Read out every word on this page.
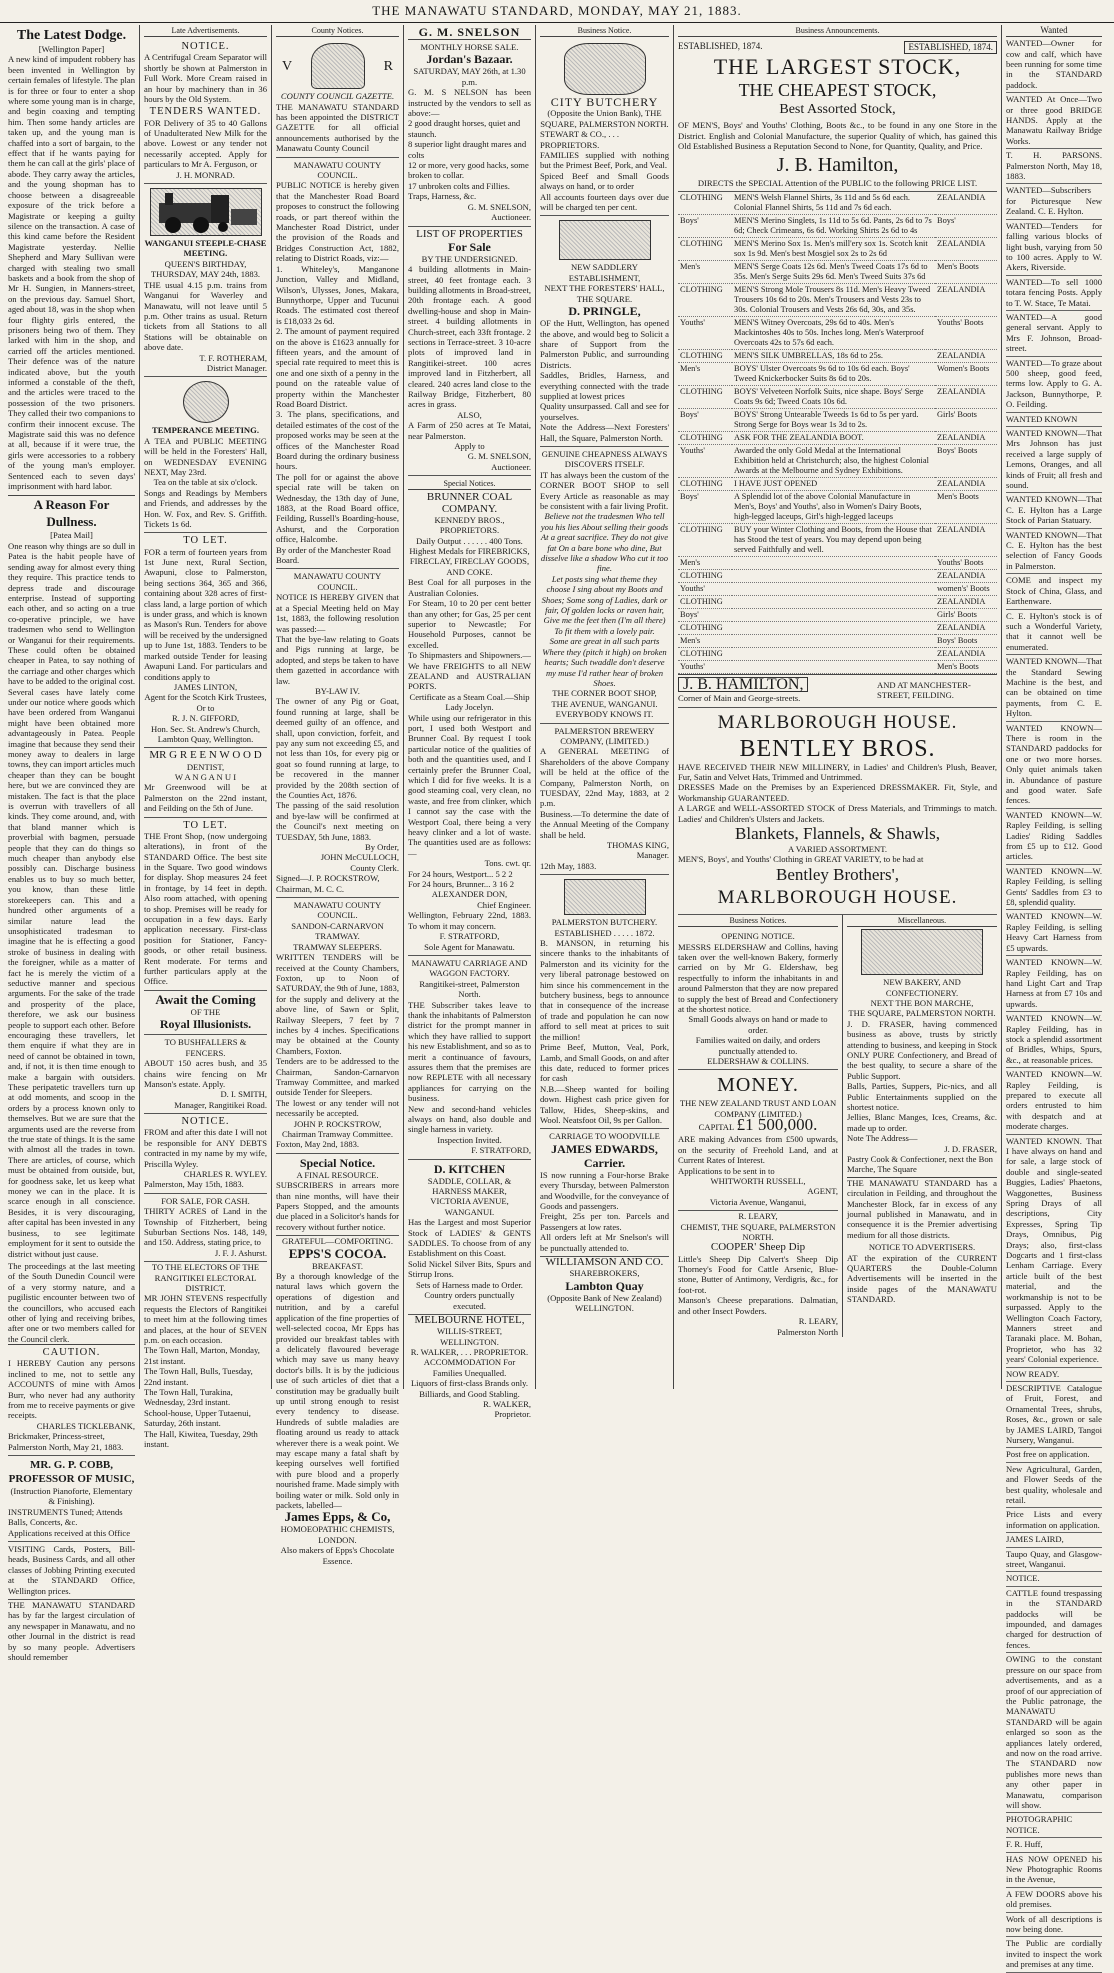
THE MANAWATU STANDARD, MONDAY, MAY 21, 1883.
The Latest Dodge.
[Wellington Paper]
A new kind of impudent robbery has been invented in Wellington by certain females of lifestyle. The plan is for three or four to enter a shop where some young man is in charge, and begin coaxing and tempting him. Then some handy articles are taken up, and the young man is chaffed into a sort of bargain, to the effect that if he wants paying for them he can call at the girls' place of abode. They carry away the articles, and the young shopman has to choose between a disagreeable exposure of the trick before a Magistrate or keeping a guilty silence on the transaction. A case of this kind came before the Resident Magistrate yesterday. Nellie Shepherd and Mary Sullivan were charged with stealing two small baskets and a book from the shop of Mr H. Sungien, in Manners-street, on the previous day. Samuel Short, aged about 18, was in the shop when four flighty girls entered, the prisoners being two of them. They larked with him in the shop, and carried off the articles mentioned. Their defence was of the nature indicated above, but the youth informed a constable of the theft, and the articles were traced to the possession of the two prisoners. They called their two companions to confirm their innocent excuse. The Magistrate said this was no defence at all, because if it were true, the girls were accessories to a robbery of the young man's employer. Sentenced each to seven days' imprisonment with hard labor.
A Reason For Dullness.
[Patea Mail]
One reason why things are so dull in Patea is the habit people have of sending away for almost every thing they require. This practice tends to depress trade and discourage enterprise. Instead of supporting each other, and so acting on a true co-operative principle, we have tradesmen who send to Wellington or Wanganui for their requirements. These could often be obtained cheaper in Patea, to say nothing of the carriage and other charges which have to be added to the original cost. Several cases have lately come under our notice where goods which have been ordered from Wanganui might have been obtained more advantageously in Patea. People imagine that because they send their money away to dealers in large towns, they can import articles much cheaper than they can be bought here, but we are convinced they are mistaken. The fact is that the place is overrun with travellers of all kinds. They come around, and, with that bland manner which is proverbial with bagmen, persuade people that they can do things so much cheaper than anybody else possibly can. Discharge business enables us to buy so much better, you know, than these little storekeepers can. This and a hundred other arguments of a similar nature lead the unsophisticated tradesman to imagine that he is effecting a good stroke of business in dealing with the foreigner, while as a matter of fact he is merely the victim of a seductive manner and specious arguments. For the sake of the trade and prosperity of the place, therefore, we ask our business people to support each other. Before encouraging these travellers, let them enquire if what they are in need of cannot be obtained in town, and, if not, it is then time enough to make a bargain with outsiders. These peripatetic travellers turn up at odd moments, and scoop in the orders by a process known only to themselves. But we are sure that the arguments used are the reverse from the true state of things. It is the same with almost all the trades in town. There are articles, of course, which must be obtained from outside, but, for goodness sake, let us keep what money we can in the place. It is scarce enough in all conscience. Besides, it is very discouraging, after capital has been invested in any business, to see legitimate employment for it sent to outside the district without just cause.
The proceedings at the last meeting of the South Dunedin Council were of a very stormy nature, and a pugilistic encounter between two of the councillors, who accused each other of lying and receiving bribes, after one or two members called for the Council clerk.
CAUTION.
I HEREBY Caution any persons inclined to me, not to settle any ACCOUNTS of mine with Amos Burr, who never had any authority from me to receive payments or give receipts.
CHARLES TICKLEBANK,
Brickmaker, Princess-street, Palmerston North, May 21, 1883.
MR. G. P. COBB,
PROFESSOR OF MUSIC,
(Instruction Pianoforte, Elementary & Finishing).
INSTRUMENTS Tuned; Attends Balls, Concerts, &c.
Applications received at this Office
VISITING Cards, Posters, Bill-heads, Business Cards, and all other classes of Jobbing Printing executed at the STANDARD Office, Wellington prices.
THE MANAWATU STANDARD has by far the largest circulation of any newspaper in Manawatu, and no other Journal in the district is read by so many people. Advertisers should remember
Late Advertisements.
NOTICE.
A Centrifugal Cream Separator will shortly be shown at Palmerston in Full Work. More Cream raised in an hour by machinery than in 36 hours by the Old System.
TENDERS WANTED.
FOR Delivery of 35 to 40 Gallons of Unadulterated New Milk for the above. Lowest or any tender not necessarily accepted. Apply for particulars to Mr A. Ferguson, or
J. H. MONRAD.
WANGANUI STEEPLE-CHASE MEETING.
QUEEN'S BIRTHDAY, THURSDAY, MAY 24th, 1883.
THE usual 4.15 p.m. trains from Wanganui for Waverley and Manawatu, will not leave until 5 p.m. Other trains as usual. Return tickets from all Stations to all Stations will be obtainable on above date.
T. F. ROTHERAM,
District Manager.
TEMPERANCE MEETING.
A TEA and PUBLIC MEETING will be held in the Foresters' Hall, on WEDNESDAY EVENING NEXT, May 23rd.
Tea on the table at six o'clock.
Songs and Readings by Members and Friends, and addresses by the Hon. W. Fox, and Rev. S. Griffith. Tickets 1s 6d.
TO LET.
FOR a term of fourteen years from 1st June next, Rural Section, Awapuni, close to Palmerston, being sections 364, 365 and 366, containing about 328 acres of first-class land, a large portion of which is under grass, and which is known as Mason's Run. Tenders for above will be received by the undersigned up to June 1st, 1883. Tenders to be marked outside Tender for leasing Awapuni Land. For particulars and conditions apply to
JAMES LINTON,
Agent for the Scotch Kirk Trustees,
Or to
R. J. N. GIFFORD,
Hon. Sec. St. Andrew's Church, Lambton Quay, Wellington.
MR G R E E N W O O D
DENTIST,
W A N G A N U I
Mr Greenwood will be at Palmerston on the 22nd instant, and Feilding on the 5th of June.
TO LET.
THE Front Shop, (now undergoing alterations), in front of the STANDARD Office. The best site in the Square. Two good windows for display. Shop measures 24 feet in frontage, by 14 feet in depth. Also room attached, with opening to shop. Premises will be ready for occupation in a few days. Early application necessary. First-class position for Stationer, Fancy-goods, or other retail business. Rent moderate. For terms and further particulars apply at the Office.
Await the Coming
OF THE
Royal Illusionists.
TO BUSHFALLERS & FENCERS.
ABOUT 150 acres bush, and 35 chains wire fencing on Mr Manson's estate. Apply.
D. I. SMITH,
Manager, Rangitikei Road.
NOTICE.
FROM and after this date I will not be responsible for ANY DEBTS contracted in my name by my wife, Priscilla Wyley.
CHARLES R. WYLEY.
Palmerston, May 15th, 1883.
FOR SALE, FOR CASH.
THIRTY ACRES of Land in the Township of Fitzherbert, being Suburban Sections Nos. 148, 149, and 150. Address, stating price, to
J. F. J. Ashurst.
TO THE ELECTORS OF THE RANGITIKEI ELECTORAL DISTRICT.
MR JOHN STEVENS respectfully requests the Electors of Rangitikei to meet him at the following times and places, at the hour of SEVEN p.m. on each occasion.
The Town Hall, Marton, Monday, 21st instant.
The Town Hall, Bulls, Tuesday, 22nd instant.
The Town Hall, Turakina, Wednesday, 23rd instant.
School-house, Upper Tutaenui, Saturday, 26th instant.
The Hall, Kiwitea, Tuesday, 29th instant.
County Notices.
V	R
COUNTY COUNCIL GAZETTE.
THE MANAWATU STANDARD has been appointed the DISTRICT GAZETTE for all official announcements authorised by the Manawatu County Council
MANAWATU COUNTY COUNCIL.
PUBLIC NOTICE is hereby given that the Manchester Road Board proposes to construct the following roads, or part thereof within the Manchester Road District, under the provision of the Roads and Bridges Construction Act, 1882, relating to District Roads, viz:—
1. Whiteley's, Manganone Junction, Valley and Midland, Wilson's, Ulysses, Jones, Makara, Bunnythorpe, Upper and Tucunui Roads. The estimated cost thereof is £18,033 2s 6d.
2. The amount of payment required on the above is £1623 annually for fifteen years, and the amount of special rate required to meet this is one and one sixth of a penny in the pound on the rateable value of property within the Manchester Road Board District.
3. The plans, specifications, and detailed estimates of the cost of the proposed works may be seen at the offices of the Manchester Road Board during the ordinary business hours.
The poll for or against the above special rate will be taken on Wednesday, the 13th day of June, 1883, at the Road Board office, Feilding, Russell's Boarding-house, Ashurst, and the Corporation office, Halcombe.
By order of the Manchester Road Board.
MANAWATU COUNTY COUNCIL.
NOTICE IS HEREBY GIVEN that at a Special Meeting held on May 1st, 1883, the following resolution was passed:—
That the bye-law relating to Goats and Pigs running at large, be adopted, and steps be taken to have them gazetted in accordance with law.
BY-LAW IV.
The owner of any Pig or Goat, found running at large, shall be deemed guilty of an offence, and shall, upon conviction, forfeit, and pay any sum not exceeding £5, and not less than 10s, for every pig or goat so found running at large, to be recovered in the manner provided by the 208th section of the Counties Act, 1876.
The passing of the said resolution and bye-law will be confirmed at the Council's next meeting on TUESDAY, 5th June, 1883.
By Order,
JOHN McCULLOCH,
County Clerk.
Signed—J. P. ROCKSTROW, Chairman, M. C. C.
MANAWATU COUNTY COUNCIL.
SANDON-CARNARVON TRAMWAY.
TRAMWAY SLEEPERS.
WRITTEN TENDERS will be received at the County Chambers, Foxton, up to Noon of SATURDAY, the 9th of June, 1883, for the supply and delivery at the above line, of Sawn or Split, Railway Sleepers, 7 feet by 7 inches by 4 inches. Specifications may be obtained at the County Chambers, Foxton.
Tenders are to be addressed to the Chairman, Sandon-Carnarvon Tramway Committee, and marked outside Tender for Sleepers.
The lowest or any tender will not necessarily be accepted.
JOHN P. ROCKSTROW,
Chairman Tramway Committee.
Foxton, May 2nd, 1883.
Special Notice.
A FINAL RESOURCE.
SUBSCRIBERS in arrears more than nine months, will have their Papers Stopped, and the amounts due placed in a Solicitor's hands for recovery without further notice.
GRATEFUL—COMFORTING.
EPPS'S COCOA.
BREAKFAST.
By a thorough knowledge of the natural laws which govern the operations of digestion and nutrition, and by a careful application of the fine properties of well-selected cocoa, Mr Epps has provided our breakfast tables with a delicately flavoured beverage which may save us many heavy doctor's bills. It is by the judicious use of such articles of diet that a constitution may be gradually built up until strong enough to resist every tendency to disease. Hundreds of subtle maladies are floating around us ready to attack wherever there is a weak point. We may escape many a fatal shaft by keeping ourselves well fortified with pure blood and a properly nourished frame. Made simply with boiling water or milk. Sold only in packets, labelled—
James Epps, & Co,
HOMOEOPATHIC CHEMISTS, LONDON.
Also makers of Epps's Chocolate Essence.
G. M. SNELSON
MONTHLY HORSE SALE.
Jordan's Bazaar.
SATURDAY, MAY 26th, at 1.30 p.m.
G. M. S NELSON has been instructed by the vendors to sell as above:—
2 good draught horses, quiet and staunch.
8 superior light draught mares and colts
12 or more, very good hacks, some broken to collar.
17 unbroken colts and Fillies.
Traps, Harness, &c.
G. M. SNELSON,
Auctioneer.
LIST OF PROPERTIES
For Sale
BY THE UNDERSIGNED.
4 building allotments in Main-street, 40 feet frontage each. 3 building allotments in Broad-street, 20th frontage each. A good dwelling-house and shop in Main-street. 4 building allotments in Church-street, each 33ft frontage. 2 sections in Terrace-street. 3 10-acre plots of improved land in Rangitikei-street. 100 acres improved land in Fitzherbert, all cleared. 240 acres land close to the Railway Bridge, Fitzherbert, 80 acres in grass.
ALSO,
A Farm of 250 acres at Te Matai, near Palmerston.
Apply to
G. M. SNELSON,
Auctioneer.
Special Notices.
BRUNNER COAL COMPANY.
KENNEDY BROS., PROPRIETORS.
Daily Output . . . . . . 400 Tons.
Highest Medals for FIREBRICKS, FIRECLAY, FIRECLAY GOODS, AND COKE.
Best Coal for all purposes in the Australian Colonies.
For Steam, 10 to 20 per cent better than any other; for Gas, 25 per cent superior to Newcastle; For Household Purposes, cannot be excelled.
To Shipmasters and Shipowners.—We have FREIGHTS to all NEW ZEALAND and AUSTRALIAN PORTS.
Certificate as a Steam Coal.—Ship Lady Jocelyn.
While using our refrigerator in this port, I used both Westport and Brunner Coal. By request I took particular notice of the qualities of both and the quantities used, and I certainly prefer the Brunner Coal, which I did for five weeks. It is a good steaming coal, very clean, no waste, and free from clinker, which I cannot say the case with the Westport Coal, there being a very heavy clinker and a lot of waste. The quantities used are as follows:—
Tons. cwt. qr.
For 24 hours, Westport... 5 2 2
For 24 hours, Brunner... 3 16 2
ALEXANDER DON,
Chief Engineer.
Wellington, February 22nd, 1883. To whom it may concern.
F. STRATFORD,
Sole Agent for Manawatu.
MANAWATU CARRIAGE AND WAGGON FACTORY.
Rangitikei-street, Palmerston North.
THE Subscriber takes leave to thank the inhabitants of Palmerston district for the prompt manner in which they have rallied to support his new Establishment, and so as to merit a continuance of favours, assures them that the premises are now REPLETE with all necessary appliances for carrying on the business.
New and second-hand vehicles always on hand, also double and single harness in variety.
Inspection Invited.
F. STRATFORD,
D. KITCHEN
SADDLE, COLLAR, & HARNESS MAKER,
VICTORIA AVENUE, WANGANUI.
Has the Largest and most Superior Stock of LADIES' & GENTS SADDLES. To choose from of any Establishment on this Coast.
Solid Nickel Silver Bits, Spurs and Stirrup Irons.
Sets of Harness made to Order.
Country orders punctually executed.
MELBOURNE HOTEL,
WILLIS-STREET, WELLINGTON.
R. WALKER, . . . PROPRIETOR.
ACCOMMODATION For Families Unequalled.
Liquors of first-class Brands only.
Billiards, and Good Stabling.
R. WALKER,
Proprietor.
Business Notice.
CITY BUTCHERY
(Opposite the Union Bank), THE SQUARE, PALMERSTON NORTH.
STEWART & CO., . . . PROPRIETORS.
FAMILIES supplied with nothing but the Primest Beef, Pork, and Veal.
Spiced Beef and Small Goods always on hand, or to order
All accounts fourteen days over due will be charged ten per cent.
NEW SADDLERY ESTABLISHMENT,
NEXT THE FORESTERS' HALL, THE SQUARE.
D. PRINGLE,
OF the Hutt, Wellington, has opened the above, and would beg to Solicit a share of Support from the Palmerston Public, and surrounding Districts.
Saddles, Bridles, Harness, and everything connected with the trade supplied at lowest prices
Quality unsurpassed. Call and see for yourselves.
Note the Address—Next Foresters' Hall, the Square, Palmerston North.
GENUINE CHEAPNESS ALWAYS DISCOVERS ITSELF.
IT has always been the custom of the CORNER BOOT SHOP to sell Every Article as reasonable as may be consistent with a fair living Profit.
Believe not the tradesmen Who tell you his lies About selling their goods At a great sacrifice. They do not give fat On a bare bone who dine, But disselve like a shadow Who cut it too fine.
Let posts sing what theme they choose I sing about my Boots and Shoes; Some song of Ladies, dark or fair, Of golden locks or raven hair, Give me the feet then (I'm all there) To fit them with a lovely pair.
Some are great in all such parts Where they (pitch it high) on broken hearts; Such twaddle don't deserve my muse I'd rather hear of broken Shoes.
THE CORNER BOOT SHOP,
THE AVENUE, WANGANUI.
EVERYBODY KNOWS IT.
PALMERSTON BREWERY COMPANY, (LIMITED.)
A GENERAL MEETING of Shareholders of the above Company will be held at the office of the Company, Palmerston North, on TUESDAY, 22nd May, 1883, at 2 p.m.
Business.—To determine the date of the Annual Meeting of the Company shall be held.
THOMAS KING,
Manager.
12th May, 1883.
PALMERSTON BUTCHERY.
ESTABLISHED . . . . . 1872.
B. MANSON, in returning his sincere thanks to the inhabitants of Palmerston and its vicinity for the very liberal patronage bestowed on him since his commencement in the butchery business, begs to announce that in consequence of the increase of trade and population he can now afford to sell meat at prices to suit the million!
Prime Beef, Mutton, Veal, Pork, Lamb, and Small Goods, on and after this date, reduced to former prices for cash
N.B.—Sheep wanted for boiling down. Highest cash price given for Tallow, Hides, Sheep-skins, and Wool. Neatsfoot Oil, 9s per Gallon.
CARRIAGE TO WOODVILLE
JAMES EDWARDS,
Carrier.
IS now running a Four-horse Brake every Thursday, between Palmerston and Woodville, for the conveyance of Goods and passengers.
Freight, 25s per ton. Parcels and Passengers at low rates.
All orders left at Mr Snelson's will be punctually attended to.
WILLIAMSON AND CO.
SHAREBROKERS,
Lambton Quay
(Opposite Bank of New Zealand) WELLINGTON.
Business Announcements.
ESTABLISHED, 1874.	ESTABLISHED, 1874.
THE LARGEST STOCK,
THE CHEAPEST STOCK,
Best Assorted Stock,
OF MEN'S, Boys' and Youths' Clothing, Boots &c., to be found in any one Store in the District. English and Colonial Manufacture, the superior Quality of which, has gained this Old Established Business a Reputation Second to None, for Quantity, Quality, and Price.
J. B. Hamilton,
DIRECTS the SPECIAL Attention of the PUBLIC to the following PRICE LIST.
CLOTHING	MEN'S Welsh Flannel Shirts, 3s 11d and 5s 6d each. Colonial Flannel Shirts, 5s 11d and 7s 6d each.
ZEALANDIA
Boys'	MEN'S Merino Singlets, 1s 11d to 5s 6d. Pants, 2s 6d to 7s 6d; Check Crimeans, 6s 6d. Working Shirts 2s 6d to 4s
Boys'
CLOTHING	MEN'S Merino Sox 1s. Men's mill'ery sox 1s. Scotch knit sox 1s 9d. Men's best Mosgiel sox 2s to 2s 6d
ZEALANDIA
Men's	MEN'S Serge Coats 12s 6d. Men's Tweed Coats 17s 6d to 35s. Men's Serge Suits 29s 6d. Men's Tweed Suits 37s 6d
Men's Boots
CLOTHING	MEN'S Strong Mole Trousers 8s 11d. Men's Heavy Tweed Trousers 10s 6d to 20s. Men's Trousers and Vests 23s to 30s. Colonial Trousers and Vests 26s 6d, 30s, and 35s.
ZEALANDIA
Youths'	MEN'S Witney Overcoats, 29s 6d to 40s. Men's Mackintoshes 40s to 50s. Inches long. Men's Waterproof Overcoats 42s to 57s 6d each.
Youths' Boots
CLOTHING	MEN'S SILK UMBRELLAS, 18s 6d to 25s.	ZEALANDIA
Men's	BOYS' Ulster Overcoats 9s 6d to 10s 6d each. Boys' Tweed Knickerbocker Suits 8s 6d to 20s.
Women's Boots
CLOTHING	BOYS' Velveteen Norfolk Suits, nice shape. Boys' Serge Coats 9s 6d; Tweed Coats 10s 6d.
ZEALANDIA
Boys'	BOYS' Strong Untearable Tweeds 1s 6d to 5s per yard. Strong Serge for Boys wear 1s 3d to 2s.
Girls' Boots
CLOTHING	ASK FOR THE ZEALANDIA BOOT.	ZEALANDIA
Youths'	Awarded the only Gold Medal at the International Exhibition held at Christchurch; also, the highest Colonial Awards at the Melbourne and Sydney Exhibitions.
Boys' Boots
CLOTHING	I HAVE JUST OPENED	ZEALANDIA
Boys'	A Splendid lot of the above Colonial Manufacture in Men's, Boys' and Youths', also in Women's Dairy Boots, high-legged laceups, Girl's high-legged laceups
Men's Boots
CLOTHING	BUY your Winter Clothing and Boots, from the House that has Stood the test of years. You may depend upon being served Faithfully and well.
ZEALANDIA
Men's	Youths' Boots
CLOTHING	ZEALANDIA
Youths'	women's' Boots
CLOTHING	ZEALANDIA
Boys'	Girls' Boots
CLOTHING	ZEALANDIA
Men's	Boys' Boots
CLOTHING	ZEALANDIA
Youths'	Men's Boots
J. B. HAMILTON,
Corner of Main and George-streets.
AND AT MANCHESTER-STREET, FEILDING.
MARLBOROUGH HOUSE.
BENTLEY BROS.
HAVE RECEIVED THEIR NEW MILLINERY, in Ladies' and Children's Plush, Beaver, Fur, Satin and Velvet Hats, Trimmed and Untrimmed.
DRESSES Made on the Premises by an Experienced DRESSMAKER. Fit, Style, and Workmanship GUARANTEED.
A LARGE and WELL-ASSORTED STOCK of Dress Materials, and Trimmings to match. Ladies' and Children's Ulsters and Jackets.
Blankets, Flannels, & Shawls,
A VARIED ASSORTMENT.
MEN'S, Boys', and Youths' Clothing in GREAT VARIETY, to be had at
Bentley Brothers',
MARLBOROUGH HOUSE.
Business Notices.
OPENING NOTICE.
MESSRS ELDERSHAW and Collins, having taken over the well-known Bakery, formerly carried on by Mr G. Eldershaw, beg respectfully to inform the inhabitants in and around Palmerston that they are now prepared to supply the best of Bread and Confectionery at the shortest notice.
Small Goods always on hand or made to order.
Families waited on daily, and orders punctually attended to.
ELDERSHAW & COLLINS.
MONEY.
THE NEW ZEALAND TRUST AND LOAN COMPANY (LIMITED.)
CAPITAL £1 500,000.
ARE making Advances from £500 upwards, on the security of Freehold Land, and at Current Rates of Interest.
Applications to be sent in to
WHITWORTH RUSSELL,
AGENT,
Victoria Avenue, Wanganui,
R. LEARY,
CHEMIST, THE SQUARE, PALMERSTON NORTH.
COOPER' Sheep Dip
Little's Sheep Dip Calvert's Sheep Dip Thorney's Food for Cattle Arsenic, Blue-stone, Butter of Antimony, Verdigris, &c., for foot-rot.
Manson's Cheese preparations. Dalmatian, and other Insect Powders.
R. LEARY,
Palmerston North
Miscellaneous.
NEW BAKERY, AND CONFECTIONERY.
NEXT THE BON MARCHE,
THE SQUARE, PALMERSTON NORTH.
J. D. FRASER, having commenced business as above, trusts by strictly attending to business, and keeping in Stock ONLY PURE Confectionery, and Bread of the best quality, to secure a share of the Public Support.
Balls, Parties, Suppers, Pic-nics, and all Public Entertainments supplied on the shortest notice.
Jellies, Blanc Manges, Ices, Creams, &c. made up to order.
Note The Address—
J. D. FRASER,
Pastry Cook & Confectioner, next the Bon Marche, The Square
THE MANAWATU STANDARD has a circulation in Feilding, and throughout the Manchester Block, far in excess of any journal published in Manawatu, and in consequence it is the Premier advertising medium for all those districts.
NOTICE TO ADVERTISERS.
AT the expiration of the CURRENT QUARTERS the Double-Column Advertisements will be inserted in the inside pages of the MANAWATU STANDARD.
Wanted
WANTED—Owner for cow and calf, which have been running for some time in the STANDARD paddock.
WANTED At Once—Two or three good BRIDGE HANDS. Apply at the Manawatu Railway Bridge Works.
T. H. PARSONS. Palmerston North, May 18, 1883.
WANTED—Subscribers for Picturesque New Zealand. C. E. Hylton.
WANTED—Tenders for falling various blocks of light bush, varying from 50 to 100 acres. Apply to W. Akers, Riverside.
WANTED—To sell 1000 totara fencing Posts. Apply to T. W. Stace, Te Matai.
WANTED—A good general servant. Apply to Mrs F. Johnson, Broad-street.
WANTED—To graze about 500 sheep, good feed, terms low. Apply to G. A. Jackson, Bunnythorpe, P. O. Feilding.
WANTED KNOWN
WANTED KNOWN—That Mrs Johnson has just received a large supply of Lemons, Oranges, and all kinds of Fruit; all fresh and sound.
WANTED KNOWN—That C. E. Hylton has a Large Stock of Parian Statuary.
WANTED KNOWN—That C. E. Hylton has the best selection of Fancy Goods in Palmerston.
COME and inspect my Stock of China, Glass, and Earthenware.
C. E. Hylton's stock is of such a Wonderful Variety, that it cannot well be enumerated.
WANTED KNOWN—That the Standard Sewing Machine is the best, and can be obtained on time payments, from C. E. Hylton.
WANTED KNOWN—There is room in the STANDARD paddocks for one or two more horses. Only quiet animals taken in. Abundance of pasture and good water. Safe fences.
WANTED KNOWN—W. Rapley Feilding, is selling Ladies' Riding Saddles from £5 up to £12. Good articles.
WANTED KNOWN—W. Rapley Feilding, is selling Gents' Saddles from £3 to £8, splendid quality.
WANTED KNOWN—W. Rapley Feilding, is selling Heavy Cart Harness from £5 upwards.
WANTED KNOWN—W. Rapley Feilding, has on hand Light Cart and Trap Harness at from £7 10s and upwards.
WANTED KNOWN—W. Rapley Feilding, has in stock a splendid assortment of Bridles, Whips, Spurs, &c., at reasonable prices.
WANTED KNOWN—W. Rapley Feilding, is prepared to execute all orders entrusted to him with despatch and at moderate charges.
WANTED KNOWN. That I have always on hand and for sale, a large stock of double and single-seated Buggies, Ladies' Phaetons, Waggonettes, Business Spring Drays of all descriptions, City Expresses, Spring Tip Drays, Omnibus, Pig Drays; also, first-class Dogcarts and 1 first-class Lenham Carriage. Every article built of the best material, and the workmanship is not to be surpassed. Apply to the Wellington Coach Factory, Manners street and Taranaki place. M. Bohan, Proprietor, who has 32 years' Colonial experience.
NOW READY.
DESCRIPTIVE Catalogue of Fruit, Forest, and Ornamental Trees, shrubs, Roses, &c., grown or sale by JAMES LAIRD, Tangoi Nursery, Wanganui.
Post free on application.
New Agricultural, Garden, and Flower Seeds of the best quality, wholesale and retail.
Price Lists and every information on application.
JAMES LAIRD,
Taupo Quay, and Glasgow-street, Wanganui.
NOTICE.
CATTLE found trespassing in the STANDARD paddocks will be impounded, and damages charged for destruction of fences.
OWING to the constant pressure on our space from advertisements, and as a proof of our appreciation of the Public patronage, the MANAWATU STANDARD will be again enlarged so soon as the appliances lately ordered, and now on the road arrive. The STANDARD now publishes more news than any other paper in Manawatu, comparison will show.
PHOTOGRAPHIC NOTICE.
F. R. Huff,
HAS NOW OPENED his New Photographic Rooms in the Avenue,
A FEW DOORS above his old premises.
Work of all descriptions is now being done.
The Public are cordially invited to inspect the work and premises at any time.
